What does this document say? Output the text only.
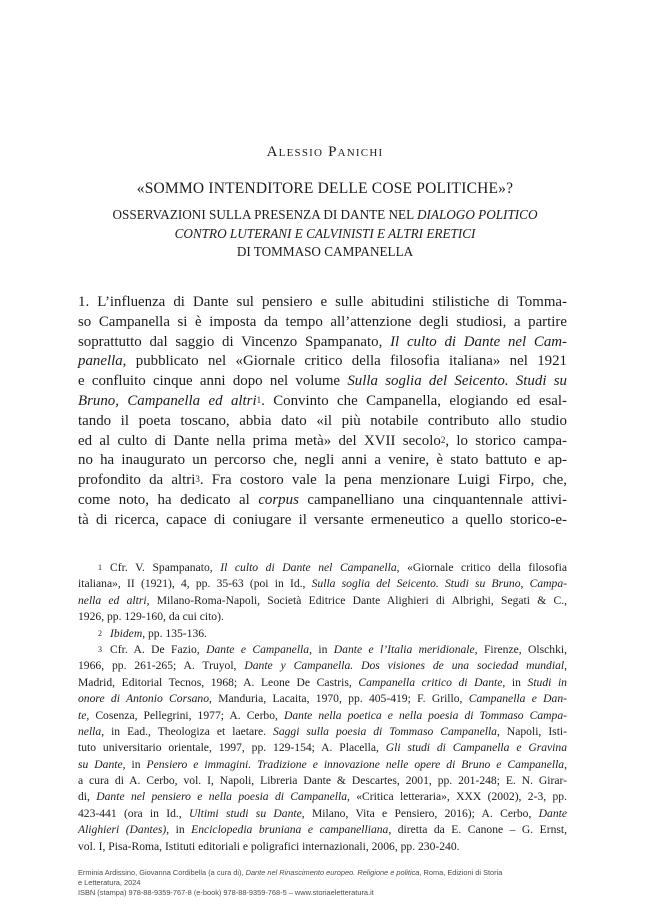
Alessio Panichi
«SOMMO INTENDITORE DELLE COSE POLITICHE»?
OSSERVAZIONI SULLA PRESENZA DI DANTE NEL DIALOGO POLITICO
CONTRO LUTERANI E CALVINISTI E ALTRI ERETICI
DI TOMMASO CAMPANELLA
1. L’influenza di Dante sul pensiero e sulle abitudini stilistiche di Tomma-
so Campanella si è imposta da tempo all’attenzione degli studiosi, a partire
soprattutto dal saggio di Vincenzo Spampanato, Il culto di Dante nel Cam-
panella, pubblicato nel «Giornale critico della filosofia italiana» nel 1921
e confluito cinque anni dopo nel volume Sulla soglia del Seicento. Studi su
Bruno, Campanella ed altri$^1$. Convinto che Campanella, elogiando ed esal-
tando il poeta toscano, abbia dato «il più notabile contributo allo studio
ed al culto di Dante nella prima metà» del XVII secolo$^2$, lo storico campa-
no ha inaugurato un percorso che, negli anni a venire, è stato battuto e ap-
profondito da altri$^3$. Fra costoro vale la pena menzionare Luigi Firpo, che,
come noto, ha dedicato al corpus campanelliano una cinquantennale attivi-
tà di ricerca, capace di coniugare il versante ermeneutico a quello storico-e-
$^1$ Cfr. V. Spampanato, Il culto di Dante nel Campanella, «Giornale critico della filosofia
italiana», II (1921), 4, pp. 35-63 (poi in Id., Sulla soglia del Seicento. Studi su Bruno, Campa-
nella ed altri, Milano-Roma-Napoli, Società Editrice Dante Alighieri di Albrighi, Segati & C.,
1926, pp. 129-160, da cui cito).
$^2$ Ibidem, pp. 135-136.
$^3$ Cfr. A. De Fazio, Dante e Campanella, in Dante e l’Italia meridionale, Firenze, Olschki,
1966, pp. 261-265; A. Truyol, Dante y Campanella. Dos visiones de una sociedad mundial,
Madrid, Editorial Tecnos, 1968; A. Leone De Castris, Campanella critico di Dante, in Studi in
onore di Antonio Corsano, Manduria, Lacaita, 1970, pp. 405-419; F. Grillo, Campanella e Dan-
te, Cosenza, Pellegrini, 1977; A. Cerbo, Dante nella poetica e nella poesia di Tommaso Campa-
nella, in Ead., Theologiza et laetare. Saggi sulla poesia di Tommaso Campanella, Napoli, Isti-
tuto universitario orientale, 1997, pp. 129-154; A. Placella, Gli studi di Campanella e Gravina
su Dante, in Pensiero e immagini. Tradizione e innovazione nelle opere di Bruno e Campanella,
a cura di A. Cerbo, vol. I, Napoli, Libreria Dante & Descartes, 2001, pp. 201-248; E. N. Girar-
di, Dante nel pensiero e nella poesia di Campanella, «Critica letteraria», XXX (2002), 2-3, pp.
423-441 (ora in Id., Ultimi studi su Dante, Milano, Vita e Pensiero, 2016); A. Cerbo, Dante
Alighieri (Dantes), in Enciclopedia bruniana e campanelliana, diretta da E. Canone – G. Ernst,
vol. I, Pisa-Roma, Istituti editoriali e poligrafici internazionali, 2006, pp. 230-240.
Erminia Ardissino, Giovanna Cordibella (a cura di), Dante nel Rinascimento europeo. Religione e politica, Roma, Edizioni di Storia
e Letteratura, 2024
ISBN (stampa) 978-88-9359-767-8 (e-book) 978-88-9359-768-5 – www.storiaeletteratura.it
